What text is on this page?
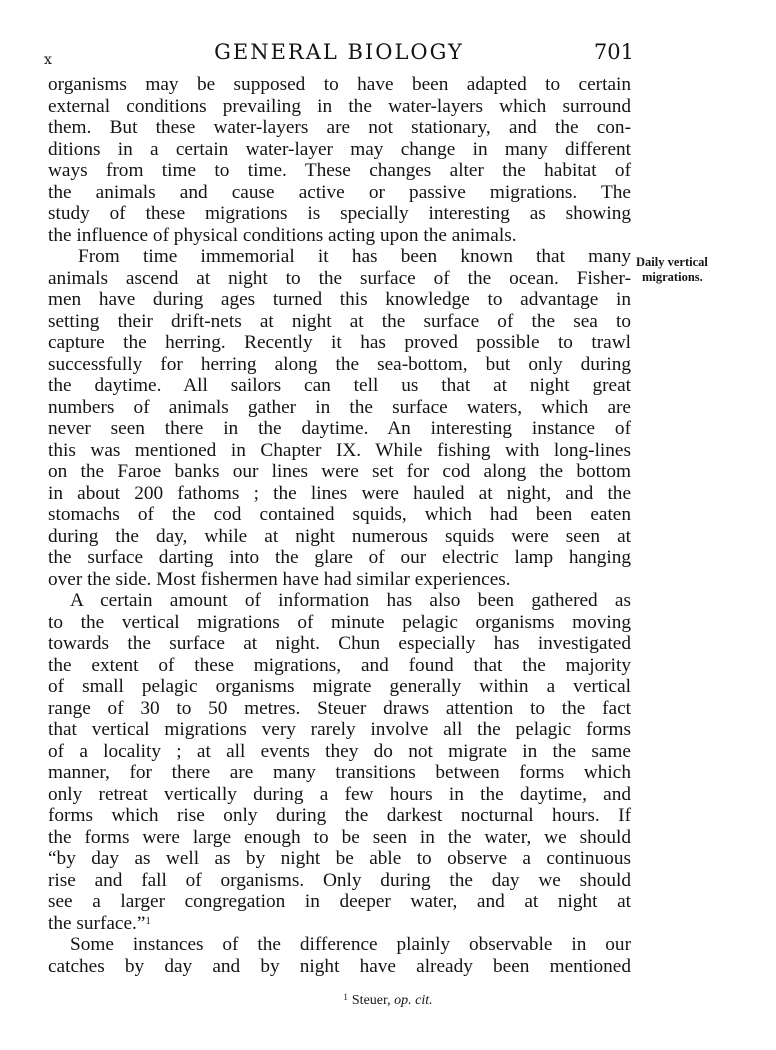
x	GENERAL BIOLOGY	701
Daily vertical
migrations.
organisms may be supposed to have been adapted to certain
external conditions prevailing in the water-layers which surround
them. But these water-layers are not stationary, and the con-
ditions in a certain water-layer may change in many different
ways from time to time. These changes alter the habitat of
the animals and cause active or passive migrations. The
study of these migrations is specially interesting as showing
the influence of physical conditions acting upon the animals.
From time immemorial it has been known that many
animals ascend at night to the surface of the ocean. Fisher-
men have during ages turned this knowledge to advantage in
setting their drift-nets at night at the surface of the sea to
capture the herring. Recently it has proved possible to trawl
successfully for herring along the sea-bottom, but only during
the daytime. All sailors can tell us that at night great
numbers of animals gather in the surface waters, which are
never seen there in the daytime. An interesting instance of
this was mentioned in Chapter IX. While fishing with long-lines
on the Faroe banks our lines were set for cod along the bottom
in about 200 fathoms ; the lines were hauled at night, and the
stomachs of the cod contained squids, which had been eaten
during the day, while at night numerous squids were seen at
the surface darting into the glare of our electric lamp hanging
over the side. Most fishermen have had similar experiences.
A certain amount of information has also been gathered as
to the vertical migrations of minute pelagic organisms moving
towards the surface at night. Chun especially has investigated
the extent of these migrations, and found that the majority
of small pelagic organisms migrate generally within a vertical
range of 30 to 50 metres. Steuer draws attention to the fact
that vertical migrations very rarely involve all the pelagic forms
of a locality ; at all events they do not migrate in the same
manner, for there are many transitions between forms which
only retreat vertically during a few hours in the daytime, and
forms which rise only during the darkest nocturnal hours. If
the forms were large enough to be seen in the water, we should
“by day as well as by night be able to observe a continuous
rise and fall of organisms. Only during the day we should
see a larger congregation in deeper water, and at night at
the surface.”$^1$
Some instances of the difference plainly observable in our
catches by day and by night have already been mentioned
$^1$ Steuer, op. cit.
